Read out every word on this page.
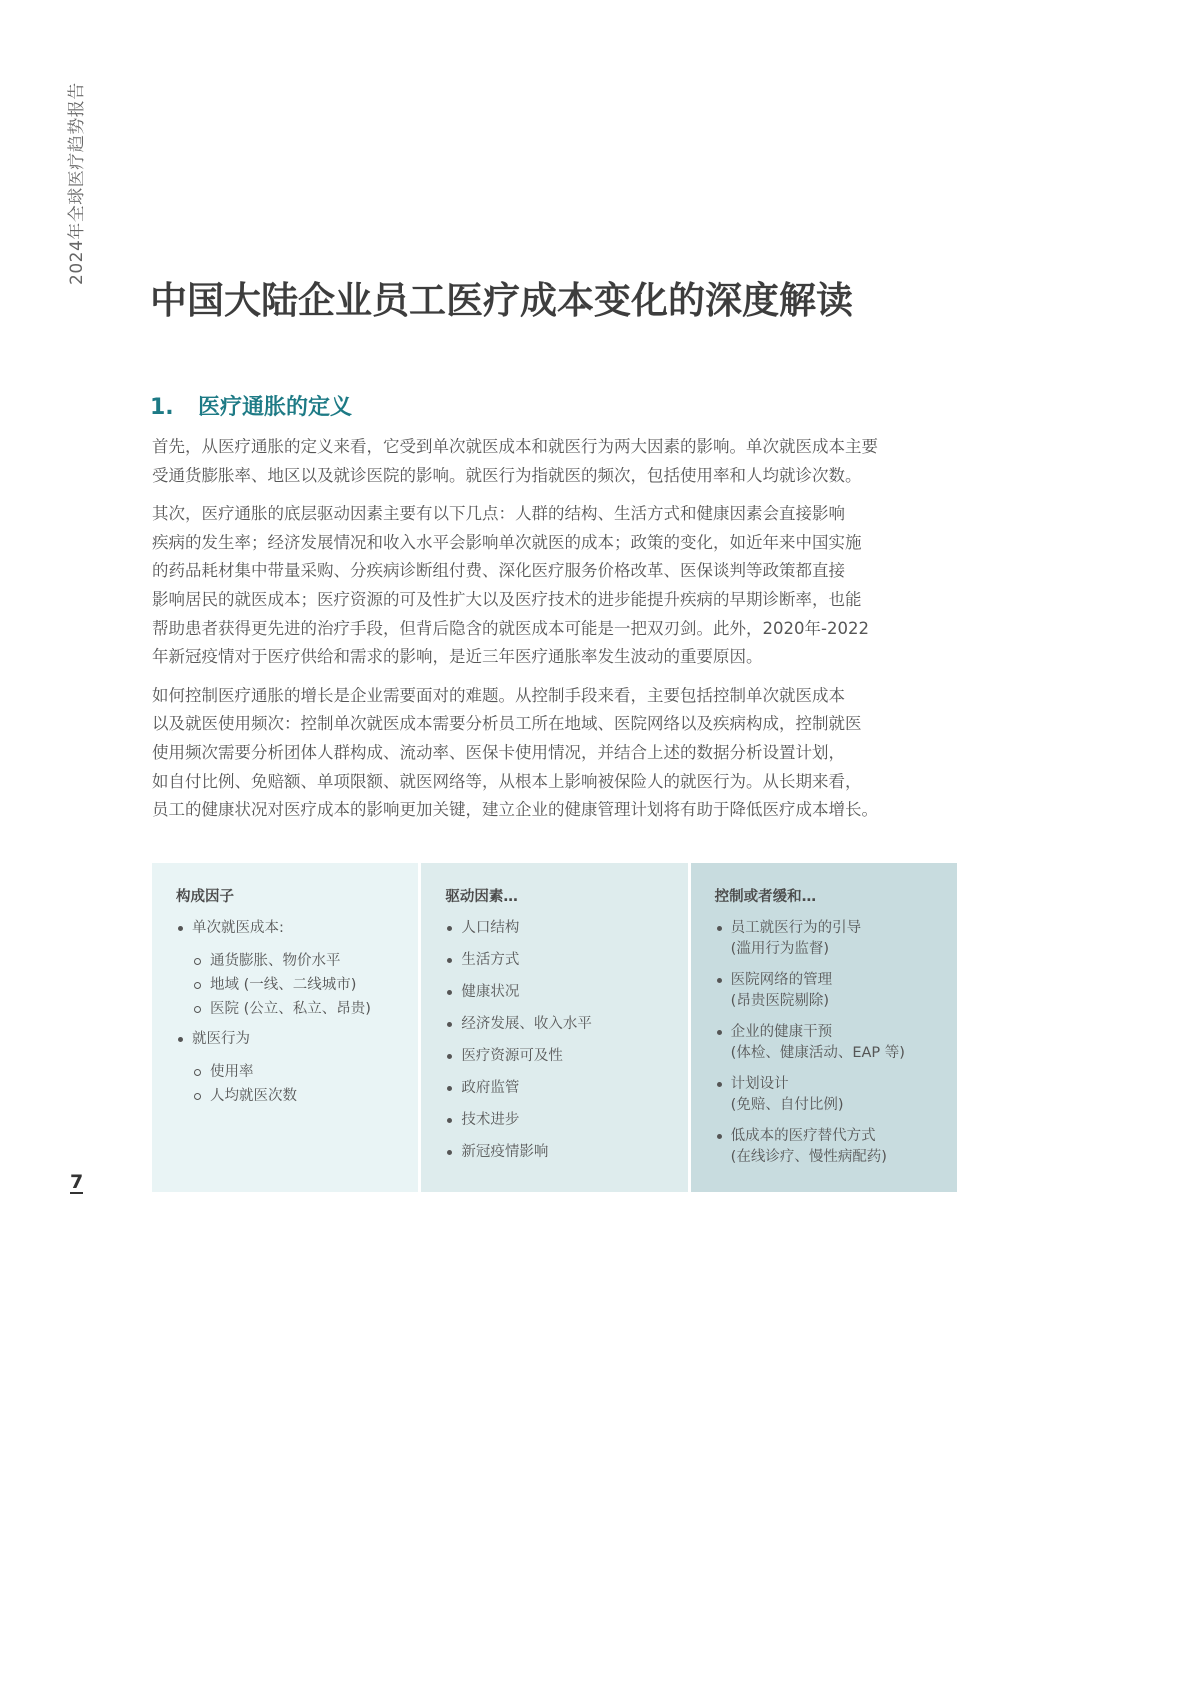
2024年全球医疗趋势报告
中国大陆企业员工医疗成本变化的深度解读
1. 医疗通胀的定义
首先，从医疗通胀的定义来看，它受到单次就医成本和就医行为两大因素的影响。单次就医成本主要
受通货膨胀率、地区以及就诊医院的影响。就医行为指就医的频次，包括使用率和人均就诊次数。
其次，医疗通胀的底层驱动因素主要有以下几点：人群的结构、生活方式和健康因素会直接影响
疾病的发生率；经济发展情况和收入水平会影响单次就医的成本；政策的变化，如近年来中国实施
的药品耗材集中带量采购、分疾病诊断组付费、深化医疗服务价格改革、医保谈判等政策都直接
影响居民的就医成本；医疗资源的可及性扩大以及医疗技术的进步能提升疾病的早期诊断率，也能
帮助患者获得更先进的治疗手段，但背后隐含的就医成本可能是一把双刃剑。此外，2020年-2022
年新冠疫情对于医疗供给和需求的影响，是近三年医疗通胀率发生波动的重要原因。
如何控制医疗通胀的增长是企业需要面对的难题。从控制手段来看，主要包括控制单次就医成本
以及就医使用频次：控制单次就医成本需要分析员工所在地域、医院网络以及疾病构成，控制就医
使用频次需要分析团体人群构成、流动率、医保卡使用情况，并结合上述的数据分析设置计划，
如自付比例、免赔额、单项限额、就医网络等，从根本上影响被保险人的就医行为。从长期来看，
员工的健康状况对医疗成本的影响更加关键，建立企业的健康管理计划将有助于降低医疗成本增长。
构成因子
单次就医成本:
通货膨胀、物价水平
地域 (一线、二线城市)
医院 (公立、私立、昂贵)
就医行为
使用率
人均就医次数
驱动因素…
人口结构
生活方式
健康状况
经济发展、收入水平
医疗资源可及性
政府监管
技术进步
新冠疫情影响
控制或者缓和…
员工就医行为的引导
(滥用行为监督)
医院网络的管理
(昂贵医院剔除)
企业的健康干预
(体检、健康活动、EAP 等)
计划设计
(免赔、自付比例)
低成本的医疗替代方式
(在线诊疗、慢性病配药)
7
